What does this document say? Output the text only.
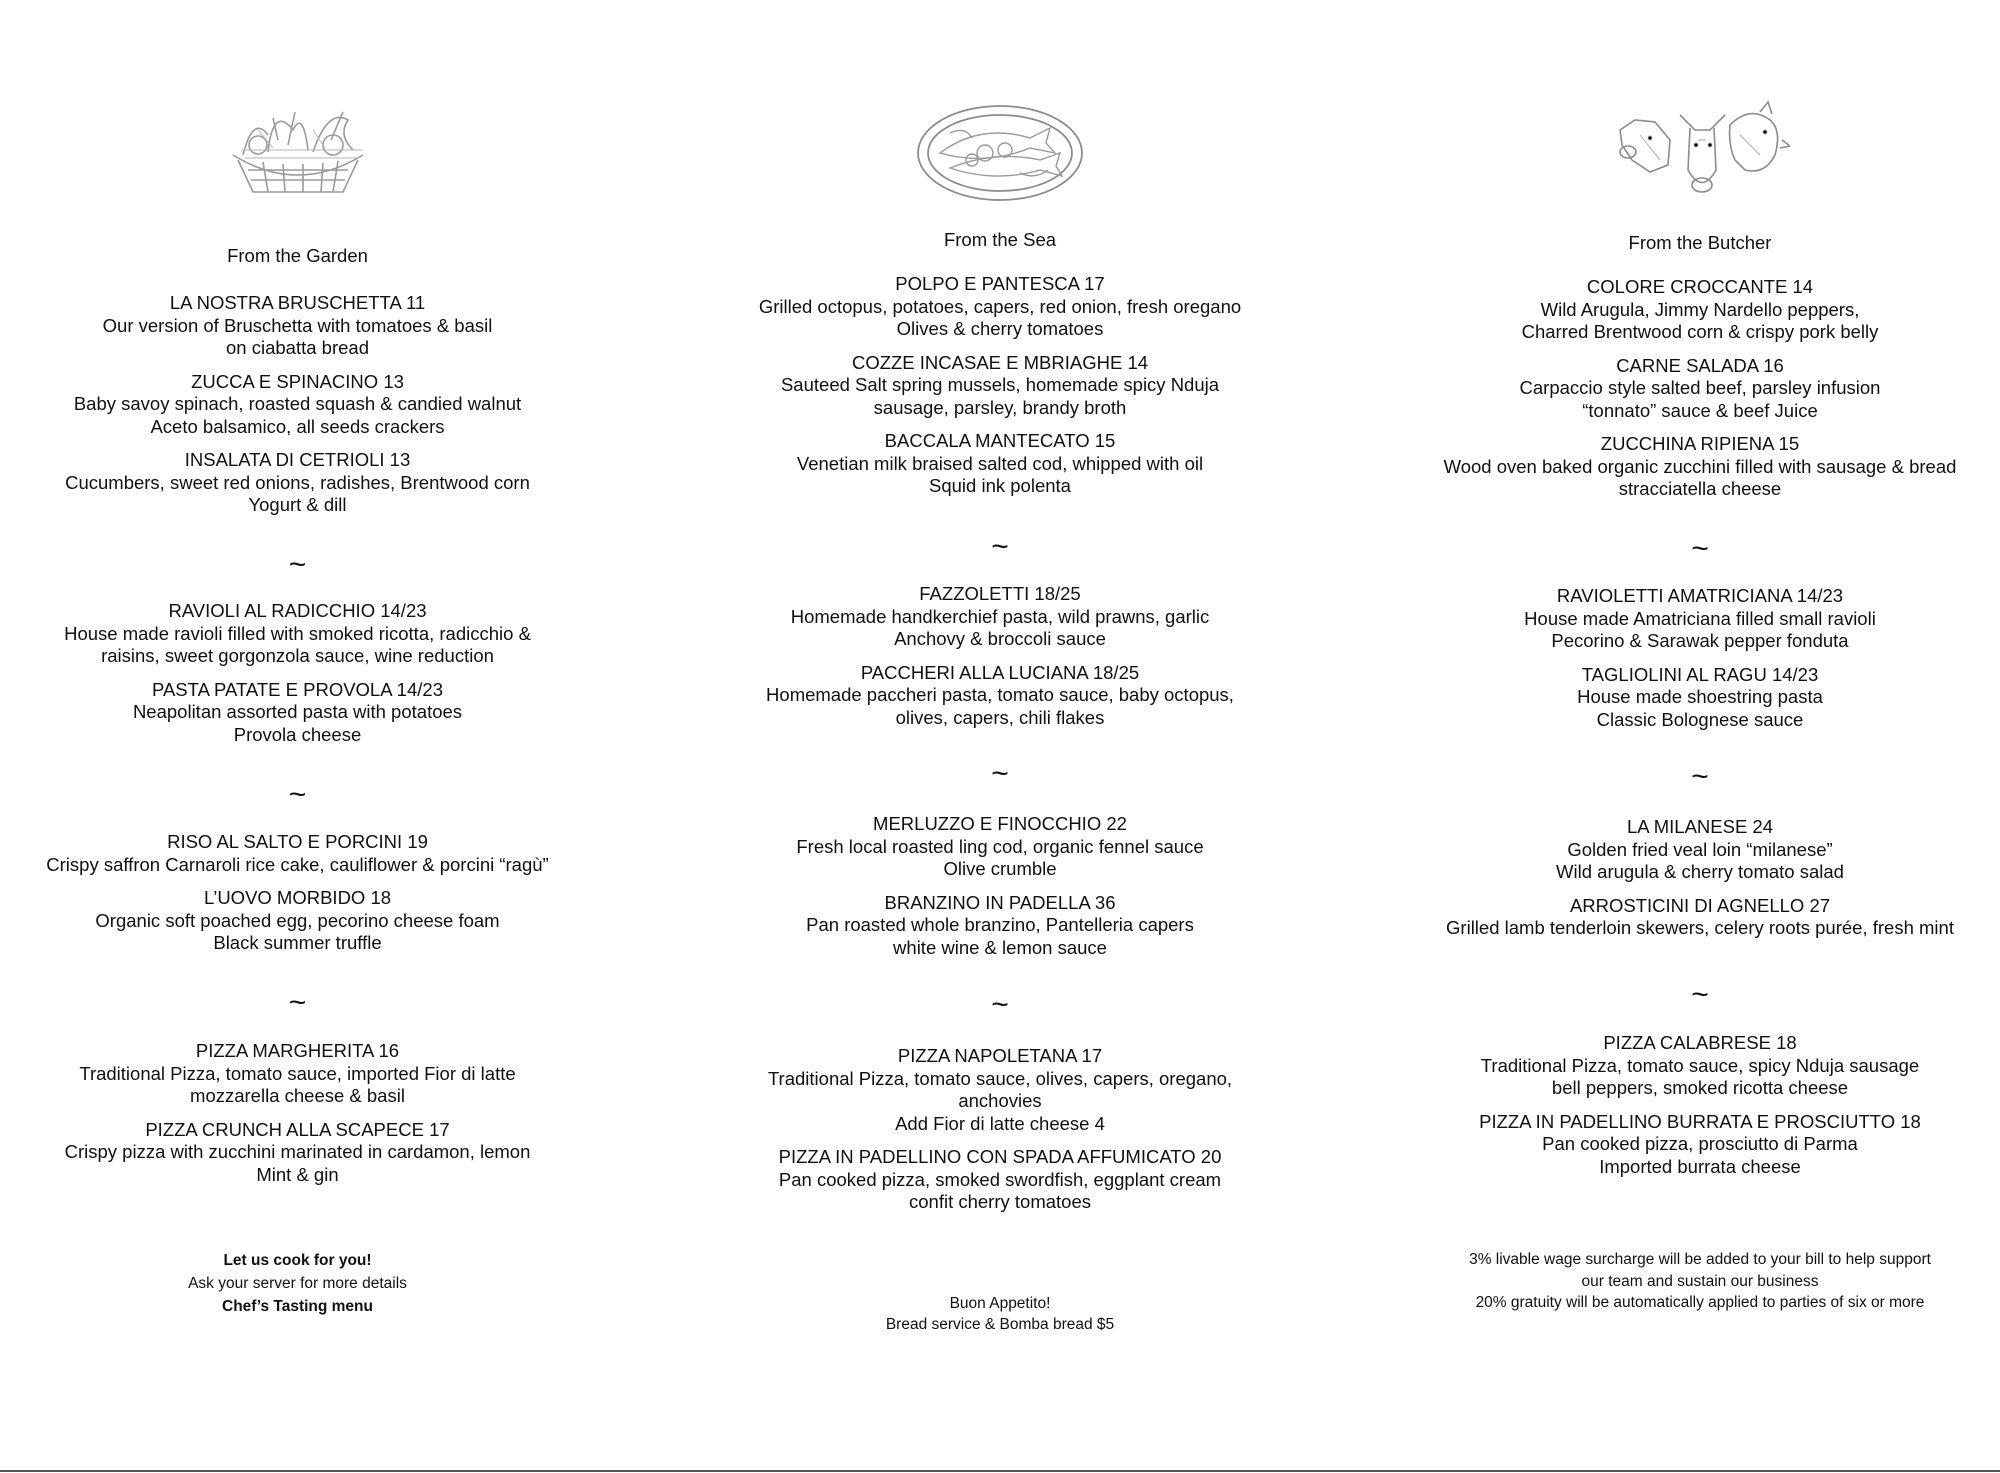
From the Garden
LA NOSTRA BRUSCHETTA 11
Our version of Bruschetta with tomatoes & basil
on ciabatta bread
ZUCCA E SPINACINO 13
Baby savoy spinach, roasted squash & candied walnut
Aceto balsamico, all seeds crackers
INSALATA DI CETRIOLI 13
Cucumbers, sweet red onions, radishes, Brentwood corn
Yogurt & dill
~
RAVIOLI AL RADICCHIO 14/23
House made ravioli filled with smoked ricotta, radicchio &
raisins, sweet gorgonzola sauce, wine reduction
PASTA PATATE E PROVOLA 14/23
Neapolitan assorted pasta with potatoes
Provola cheese
~
RISO AL SALTO E PORCINI 19
Crispy saffron Carnaroli rice cake, cauliflower & porcini “ragù”
L’UOVO MORBIDO 18
Organic soft poached egg, pecorino cheese foam
Black summer truffle
~
PIZZA MARGHERITA 16
Traditional Pizza, tomato sauce, imported Fior di latte
mozzarella cheese & basil
PIZZA CRUNCH ALLA SCAPECE 17
Crispy pizza with zucchini marinated in cardamon, lemon
Mint & gin
Let us cook for you!
Ask your server for more details
Chef’s Tasting menu
From the Sea
POLPO E PANTESCA 17
Grilled octopus, potatoes, capers, red onion, fresh oregano
Olives & cherry tomatoes
COZZE INCASAE E MBRIAGHE 14
Sauteed Salt spring mussels, homemade spicy Nduja
sausage, parsley, brandy broth
BACCALA MANTECATO 15
Venetian milk braised salted cod, whipped with oil
Squid ink polenta
~
FAZZOLETTI 18/25
Homemade handkerchief pasta, wild prawns, garlic
Anchovy & broccoli sauce
PACCHERI ALLA LUCIANA 18/25
Homemade paccheri pasta, tomato sauce, baby octopus,
olives, capers, chili flakes
~
MERLUZZO E FINOCCHIO 22
Fresh local roasted ling cod, organic fennel sauce
Olive crumble
BRANZINO IN PADELLA 36
Pan roasted whole branzino, Pantelleria capers
white wine & lemon sauce
~
PIZZA NAPOLETANA 17
Traditional Pizza, tomato sauce, olives, capers, oregano,
anchovies
Add Fior di latte cheese 4
PIZZA IN PADELLINO CON SPADA AFFUMICATO 20
Pan cooked pizza, smoked swordfish, eggplant cream
confit cherry tomatoes
Buon Appetito!
Bread service & Bomba bread $5
From the Butcher
COLORE CROCCANTE 14
Wild Arugula, Jimmy Nardello peppers,
Charred Brentwood corn & crispy pork belly
CARNE SALADA 16
Carpaccio style salted beef, parsley infusion
“tonnato” sauce & beef Juice
ZUCCHINA RIPIENA 15
Wood oven baked organic zucchini filled with sausage & bread
stracciatella cheese
~
RAVIOLETTI AMATRICIANA 14/23
House made Amatriciana filled small ravioli
Pecorino & Sarawak pepper fonduta
TAGLIOLINI AL RAGU 14/23
House made shoestring pasta
Classic Bolognese sauce
~
LA MILANESE 24
Golden fried veal loin “milanese”
Wild arugula & cherry tomato salad
ARROSTICINI DI AGNELLO 27
Grilled lamb tenderloin skewers, celery roots purée, fresh mint
~
PIZZA CALABRESE 18
Traditional Pizza, tomato sauce, spicy Nduja sausage
bell peppers, smoked ricotta cheese
PIZZA IN PADELLINO BURRATA E PROSCIUTTO 18
Pan cooked pizza, prosciutto di Parma
Imported burrata cheese
3% livable wage surcharge will be added to your bill to help support
our team and sustain our business
20% gratuity will be automatically applied to parties of six or more
